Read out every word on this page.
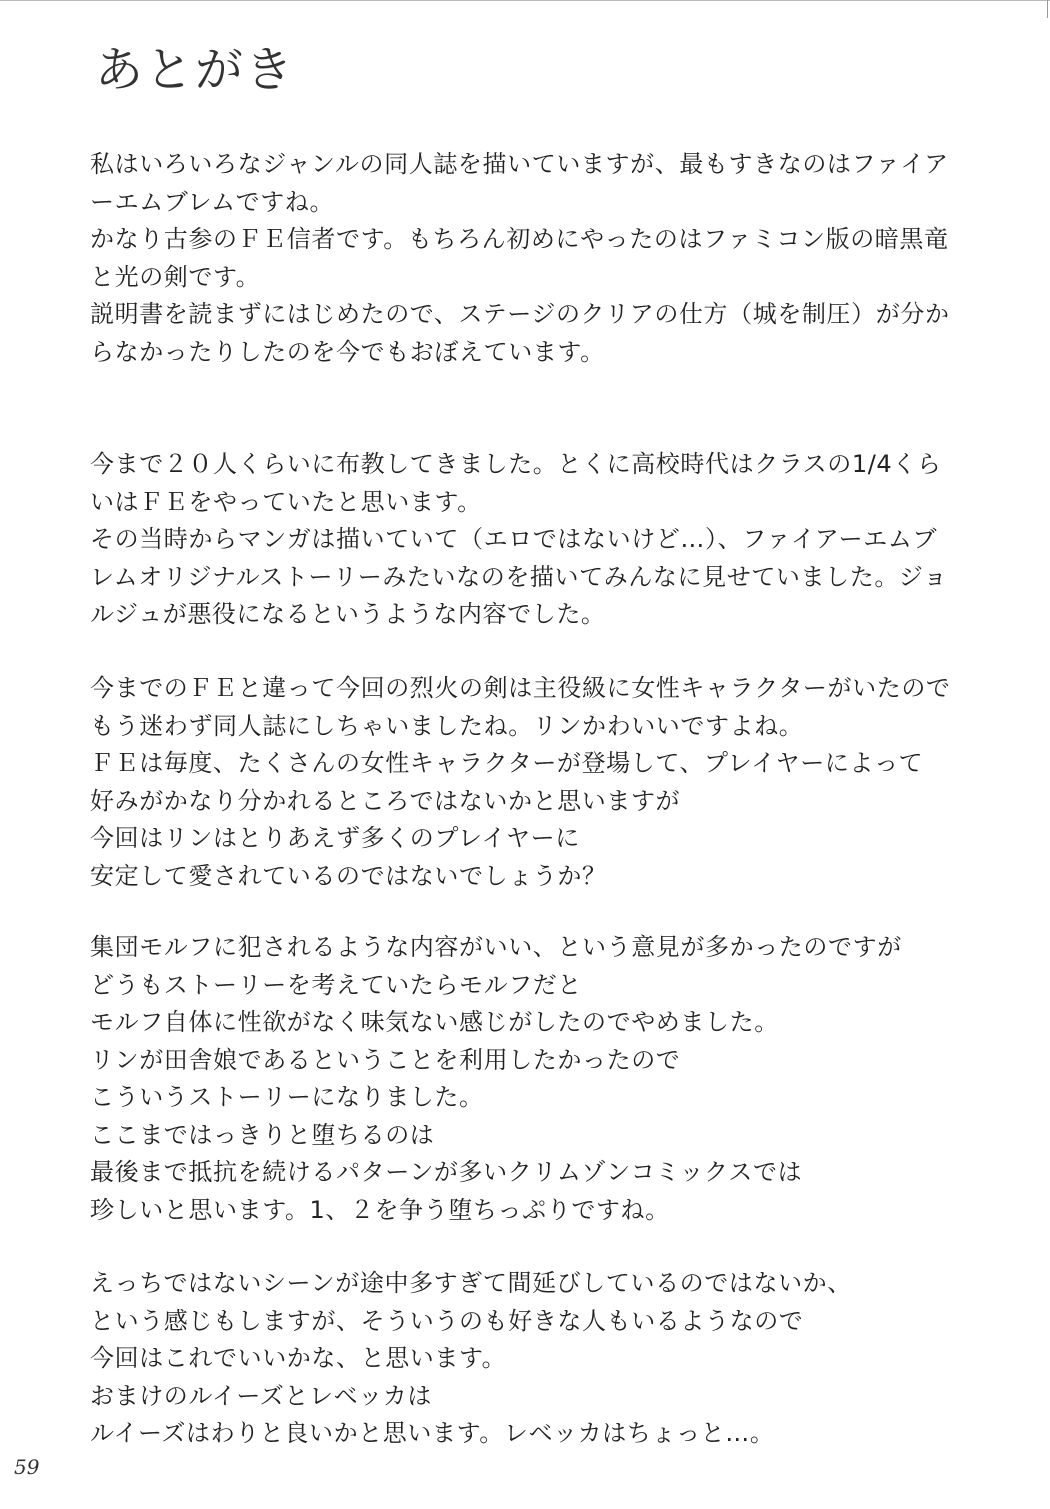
あとがき
私はいろいろなジャンルの同人誌を描いていますが、最もすきなのはファイア
ーエムブレムですね。
かなり古参のＦＥ信者です。もちろん初めにやったのはファミコン版の暗黒竜
と光の剣です。
説明書を読まずにはじめたので、ステージのクリアの仕方（城を制圧）が分か
らなかったりしたのを今でもおぼえています。
今まで２０人くらいに布教してきました。とくに高校時代はクラスの1/4くら
いはＦＥをやっていたと思います。
その当時からマンガは描いていて（エロではないけど…）、ファイアーエムブ
レムオリジナルストーリーみたいなのを描いてみんなに見せていました。ジョ
ルジュが悪役になるというような内容でした。
今までのＦＥと違って今回の烈火の剣は主役級に女性キャラクターがいたので
もう迷わず同人誌にしちゃいましたね。リンかわいいですよね。
ＦＥは毎度、たくさんの女性キャラクターが登場して、プレイヤーによって
好みがかなり分かれるところではないかと思いますが
今回はリンはとりあえず多くのプレイヤーに
安定して愛されているのではないでしょうか？
集団モルフに犯されるような内容がいい、という意見が多かったのですが
どうもストーリーを考えていたらモルフだと
モルフ自体に性欲がなく味気ない感じがしたのでやめました。
リンが田舎娘であるということを利用したかったので
こういうストーリーになりました。
ここまではっきりと堕ちるのは
最後まで抵抗を続けるパターンが多いクリムゾンコミックスでは
珍しいと思います。1、２を争う堕ちっぷりですね。
えっちではないシーンが途中多すぎて間延びしているのではないか、
という感じもしますが、そういうのも好きな人もいるようなので
今回はこれでいいかな、と思います。
おまけのルイーズとレベッカは
ルイーズはわりと良いかと思います。レベッカはちょっと…。
59
